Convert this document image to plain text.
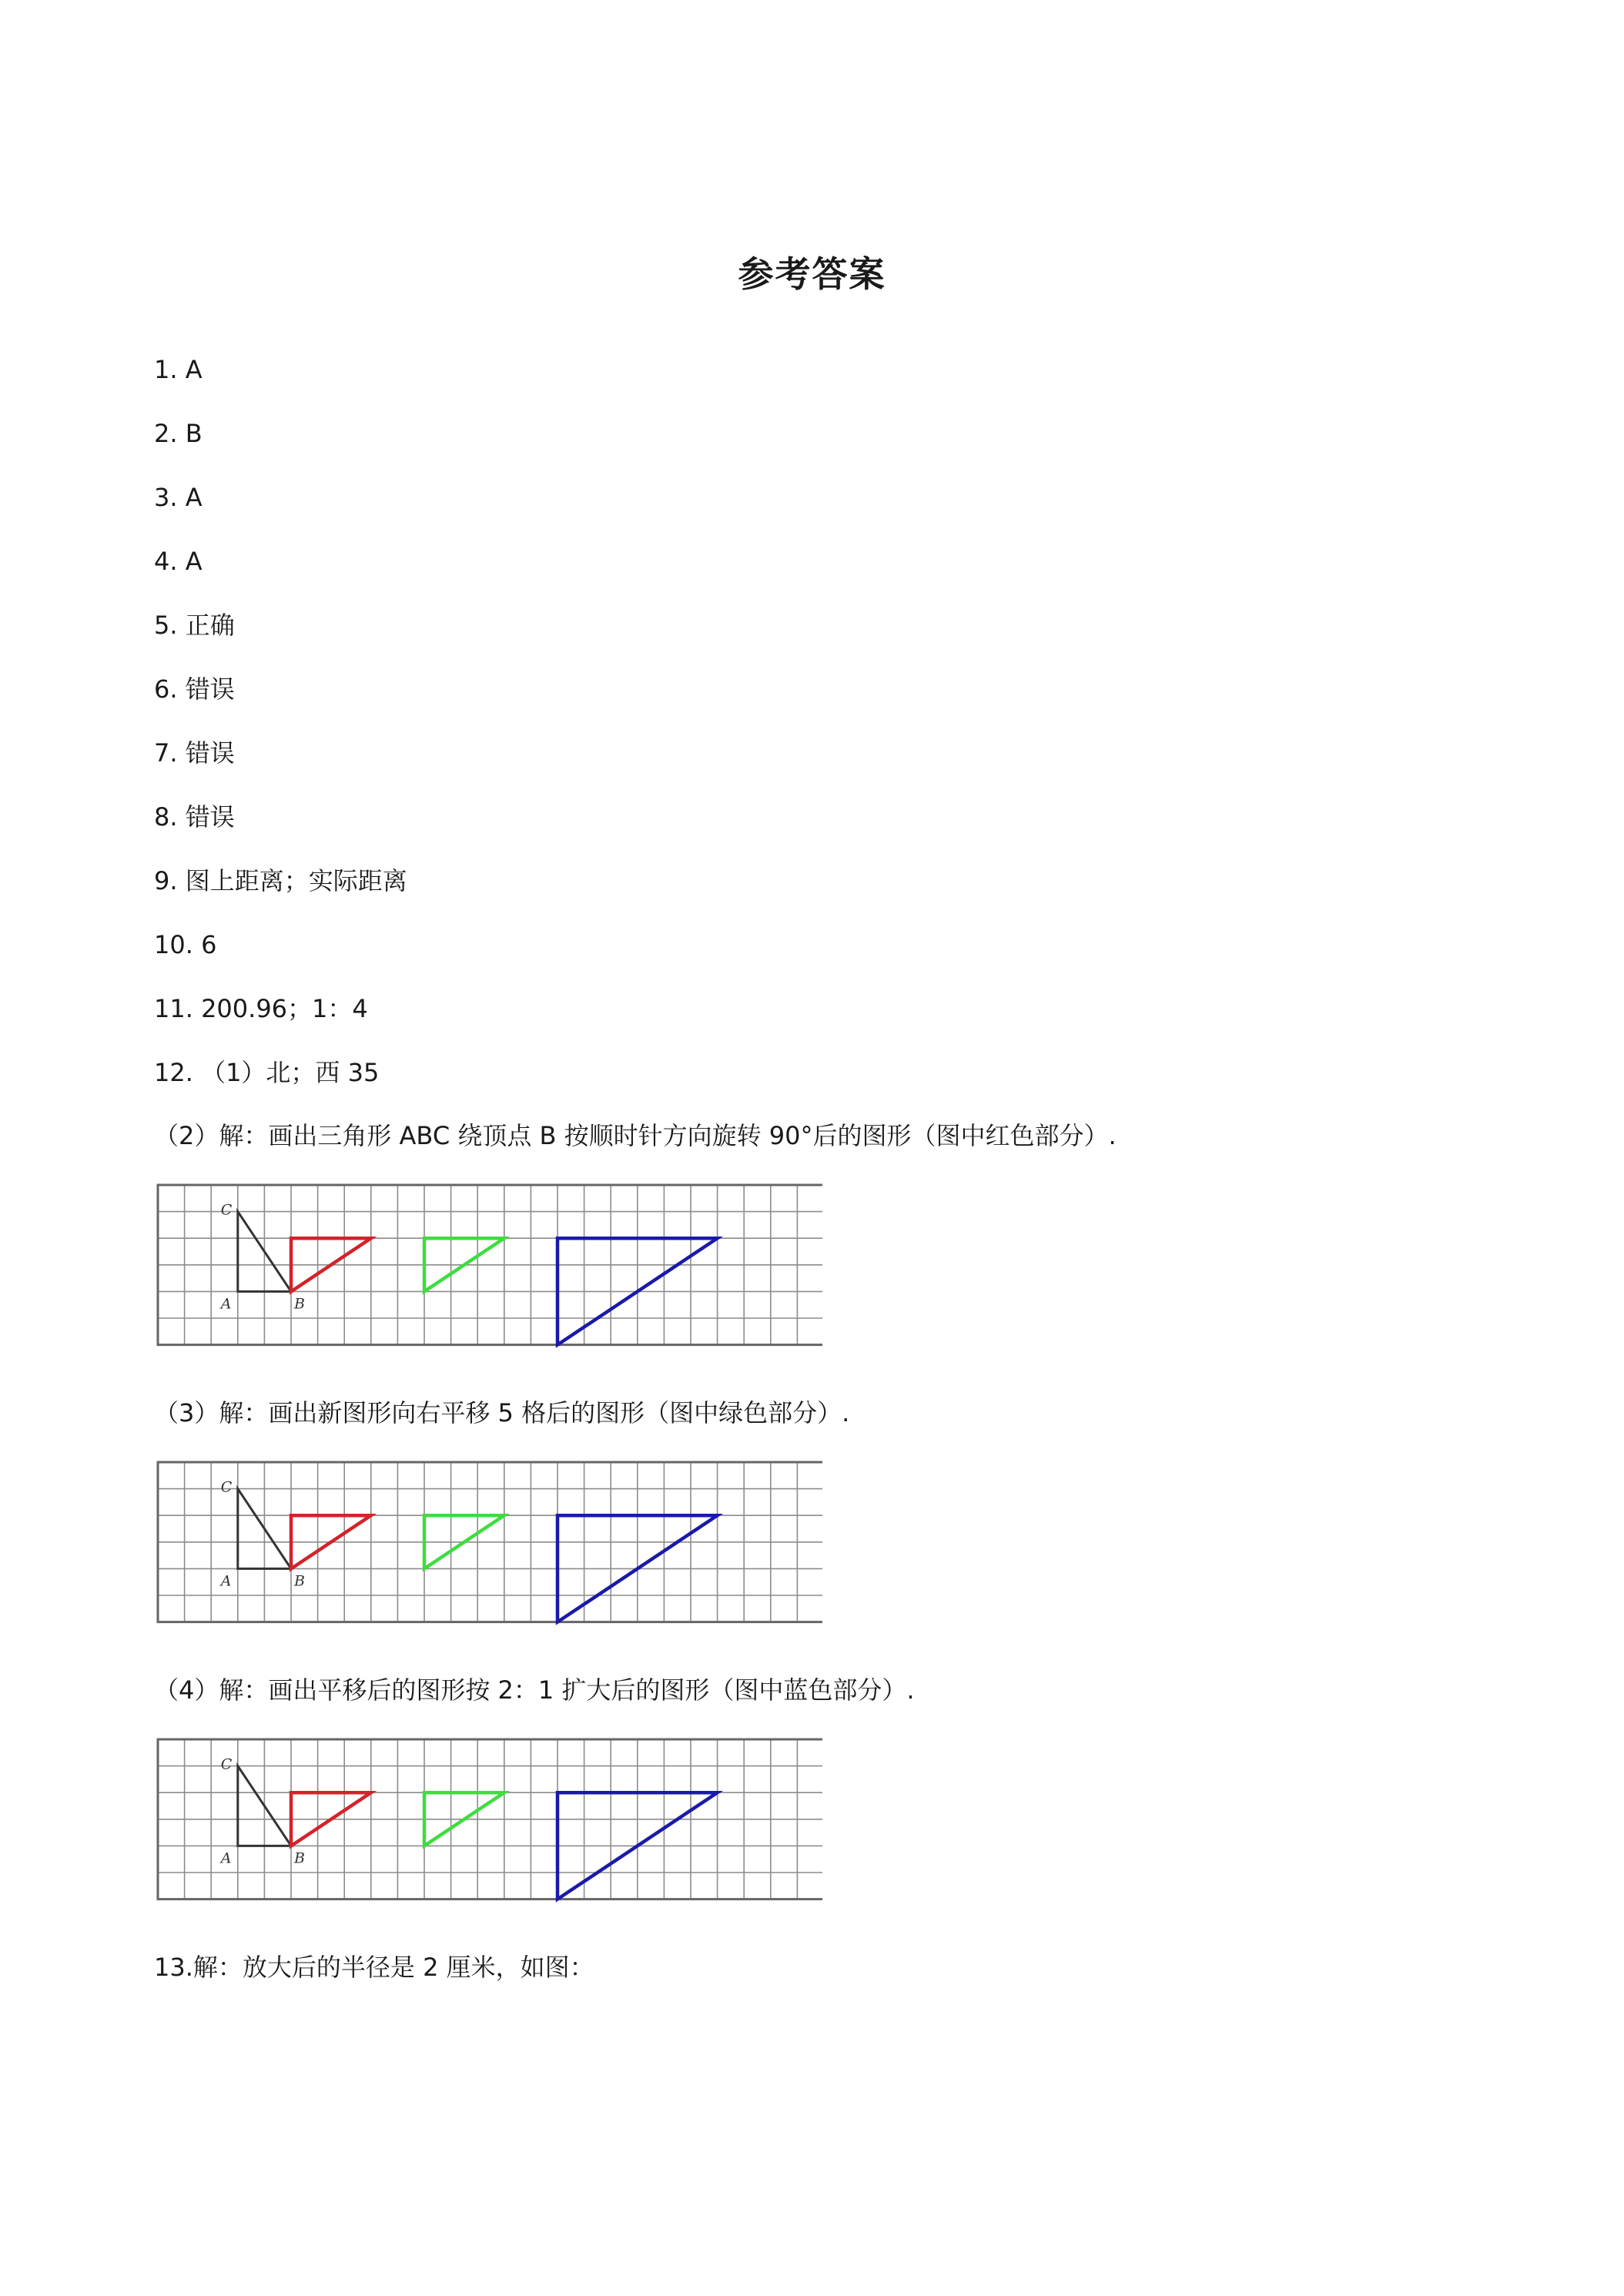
参考答案
1. A
2. B
3. A
4. A
5. 正确
6. 错误
7. 错误
8. 错误
9. 图上距离；实际距离
10. 6
11. 200.96；1：4
12. （1）北；西 35
（2）解：画出三角形 ABC 绕顶点 B 按顺时针方向旋转 90°后的图形（图中红色部分）.
C
A	B
（3）解：画出新图形向右平移 5 格后的图形（图中绿色部分）.
C
A	B
（4）解：画出平移后的图形按 2：1 扩大后的图形（图中蓝色部分）.
C
A	B
13.解：放大后的半径是 2 厘米，如图：
